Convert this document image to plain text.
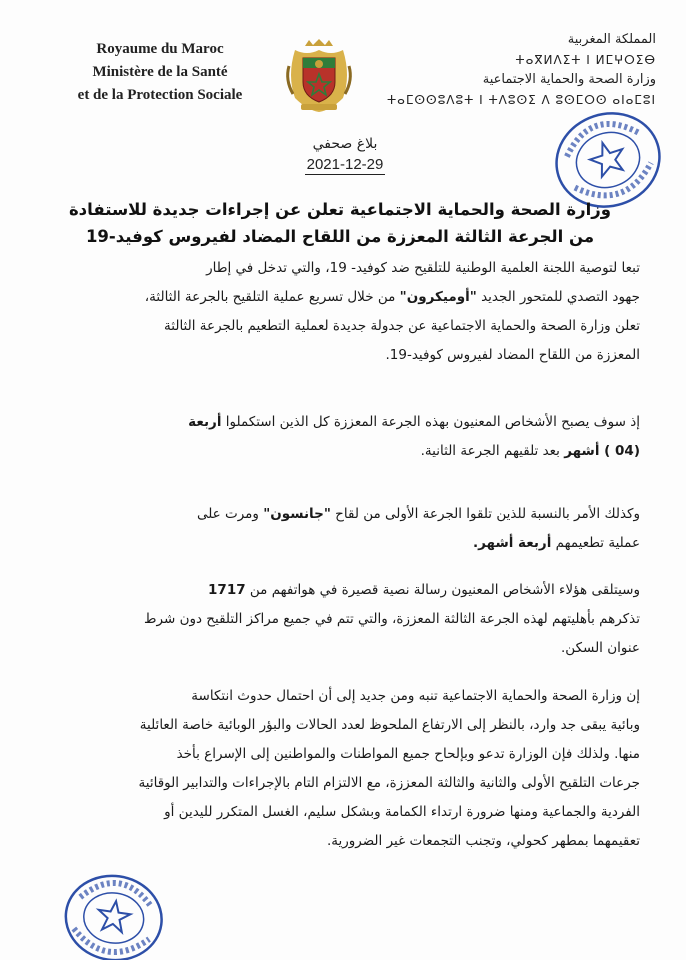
Royaume du Maroc
Ministère de la Santé
et de la Protection Sociale
المملكة المغربية
ⵜⴰⴳⵍⴷⵉⵜ ⵏ ⵍⵎⵖⵔⵉⴱ
وزارة الصحة والحماية الاجتماعية
ⵜⴰⵎⵙⵙⵓⴷⵓⵜ ⵏ ⵜⴷⵓⵙⵉ ⴷ ⵓⵙⵎⵔⵙ ⴰⵏⴰⵎⵓⵏ
بلاغ صحفي
2021-12-29
وزارة الصحة والحماية الاجتماعية تعلن عن إجراءات جديدة للاستفادة
من الجرعة الثالثة المعززة من اللقاح المضاد لفيروس كوفيد-19
تبعا لتوصية اللجنة العلمية الوطنية للتلقيح ضد كوفيد- 19، والتي تدخل في إطار
جهود التصدي للمتحور الجديد "أوميكرون" من خلال تسريع عملية التلقيح بالجرعة الثالثة،
تعلن وزارة الصحة والحماية الاجتماعية عن جدولة جديدة لعملية التطعيم بالجرعة الثالثة
المعززة من اللقاح المضاد لفيروس كوفيد-19.
إذ سوف يصبح الأشخاص المعنيون بهذه الجرعة المعززة كل الذين استكملوا أربعة
(04 ) أشهر بعد تلقيهم الجرعة الثانية.
وكذلك الأمر بالنسبة للذين تلقوا الجرعة الأولى من لقاح "جانسون" ومرت على
عملية تطعيمهم أربعة أشهر.
وسيتلقى هؤلاء الأشخاص المعنيون رسالة نصية قصيرة في هواتفهم من 1717
تذكرهم بأهليتهم لهذه الجرعة الثالثة المعززة، والتي تتم في جميع مراكز التلقيح دون شرط
عنوان السكن.
إن وزارة الصحة والحماية الاجتماعية تنبه ومن جديد إلى أن احتمال حدوث انتكاسة
وبائية يبقى جد وارد، بالنظر إلى الارتفاع الملحوظ لعدد الحالات والبؤر الوبائية خاصة العائلية
منها. ولذلك فإن الوزارة تدعو وبإلحاح جميع المواطنات والمواطنين إلى الإسراع بأخذ
جرعات التلقيح الأولى والثانية والثالثة المعززة، مع الالتزام التام بالإجراءات والتدابير الوقائية
الفردية والجماعية ومنها ضرورة ارتداء الكمامة وبشكل سليم، الغسل المتكرر لليدين أو
تعقيمهما بمطهر كحولي، وتجنب التجمعات غير الضرورية.
